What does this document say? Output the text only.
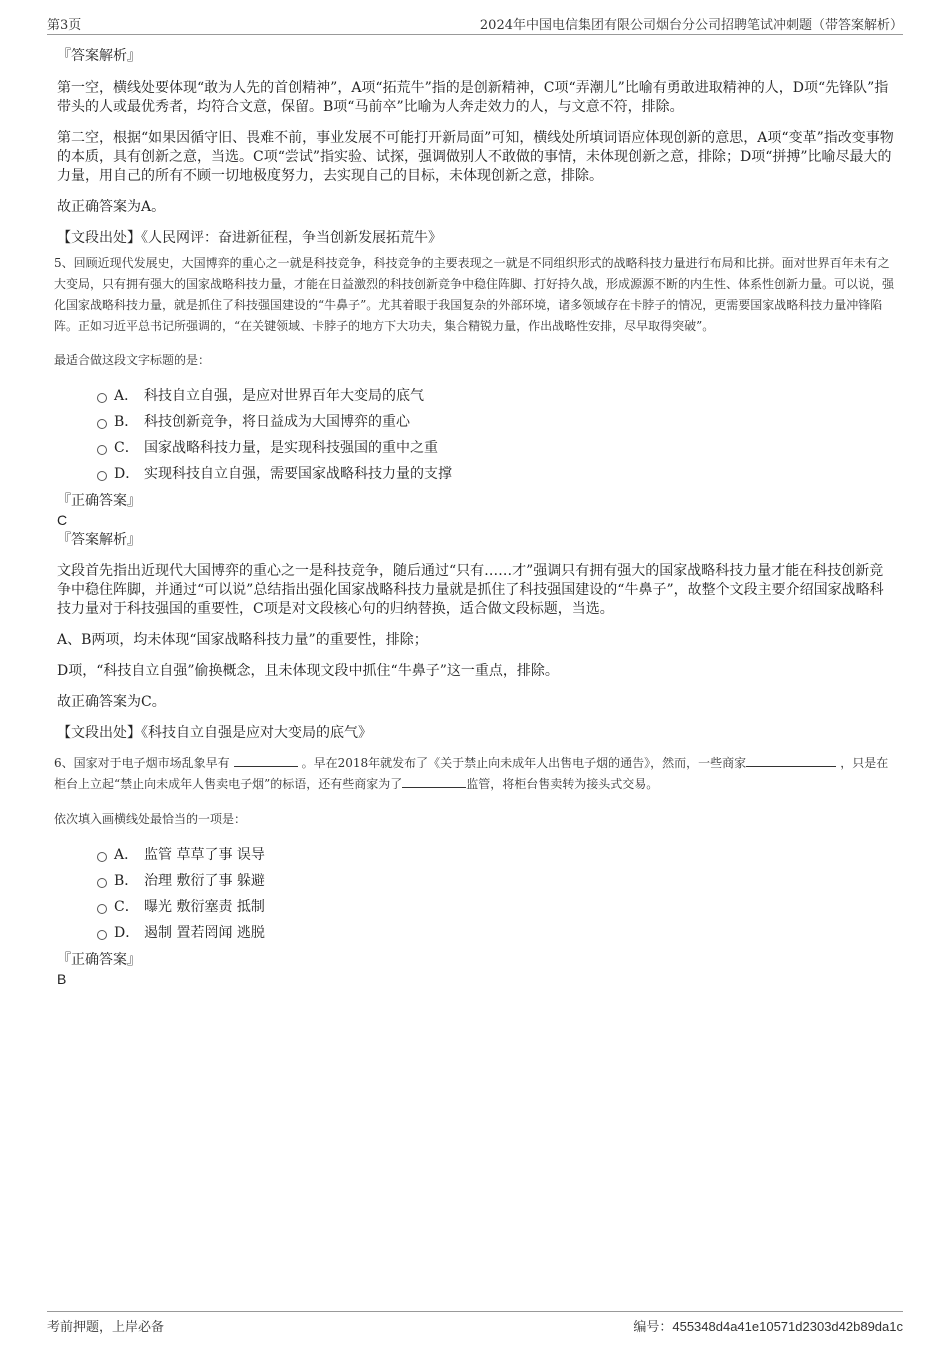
第3页	2024年中国电信集团有限公司烟台分公司招聘笔试冲刺题（带答案解析）
『答案解析』

第一空，横线处要体现“敢为人先的首创精神”，A项“拓荒牛”指的是创新精神，C项“弄潮儿”比喻有勇敢进取精神的人，D项“先锋队”指带头的人或最优秀者，均符合文意，保留。B项“马前卒”比喻为人奔走效力的人，与文意不符，排除。

第二空，根据“如果因循守旧、畏难不前，事业发展不可能打开新局面”可知，横线处所填词语应体现创新的意思，A项“变革”指改变事物的本质，具有创新之意，当选。C项“尝试”指实验、试探，强调做别人不敢做的事情，未体现创新之意，排除；D项“拼搏”比喻尽最大的力量，用自己的所有不顾一切地极度努力，去实现自己的目标，未体现创新之意，排除。

故正确答案为A。

【文段出处】《人民网评：奋进新征程，争当创新发展拓荒牛》

5、回顾近现代发展史，大国博弈的重心之一就是科技竞争，科技竞争的主要表现之一就是不同组织形式的战略科技力量进行布局和比拼。面对世界百年未有之大变局，只有拥有强大的国家战略科技力量，才能在日益激烈的科技创新竞争中稳住阵脚、打好持久战，形成源源不断的内生性、体系性创新力量。可以说，强化国家战略科技力量，就是抓住了科技强国建设的“牛鼻子”。尤其着眼于我国复杂的外部环境，诸多领域存在卡脖子的情况，更需要国家战略科技力量冲锋陷阵。正如习近平总书记所强调的，“在关键领域、卡脖子的地方下大功夫，集合精锐力量，作出战略性安排，尽早取得突破”。

最适合做这段文字标题的是：
A． 科技自立自强，是应对世界百年大变局的底气
B． 科技创新竞争，将日益成为大国博弈的重心
C． 国家战略科技力量，是实现科技强国的重中之重
D． 实现科技自立自强，需要国家战略科技力量的支撑
『正确答案』
C
『答案解析』

文段首先指出近现代大国博弈的重心之一是科技竞争，随后通过“只有……才”强调只有拥有强大的国家战略科技力量才能在科技创新竞争中稳住阵脚，并通过“可以说”总结指出强化国家战略科技力量就是抓住了科技强国建设的“牛鼻子”，故整个文段主要介绍国家战略科技力量对于科技强国的重要性，C项是对文段核心句的归纳替换，适合做文段标题，当选。

A、B两项，均未体现“国家战略科技力量”的重要性，排除；

D项，“科技自立自强”偷换概念，且未体现文段中抓住“牛鼻子”这一重点，排除。

故正确答案为C。

【文段出处】《科技自立自强是应对大变局的底气》

6、国家对于电子烟市场乱象早有	。早在2018年就发布了《关于禁止向未成年人出售电子烟的通告》，然而，一些商家	，只是在柜台上立起“禁止向未成年人售卖电子烟”的标语，还有些商家为了	监管，将柜台售卖转为接头式交易。

依次填入画横线处最恰当的一项是：
A． 监管 草草了事 误导
B． 治理 敷衍了事 躲避
C． 曝光 敷衍塞责 抵制
D． 遏制 置若罔闻 逃脱
『正确答案』
B
考前押题，上岸必备	编号：455348d4a41e10571d2303d42b89da1c
